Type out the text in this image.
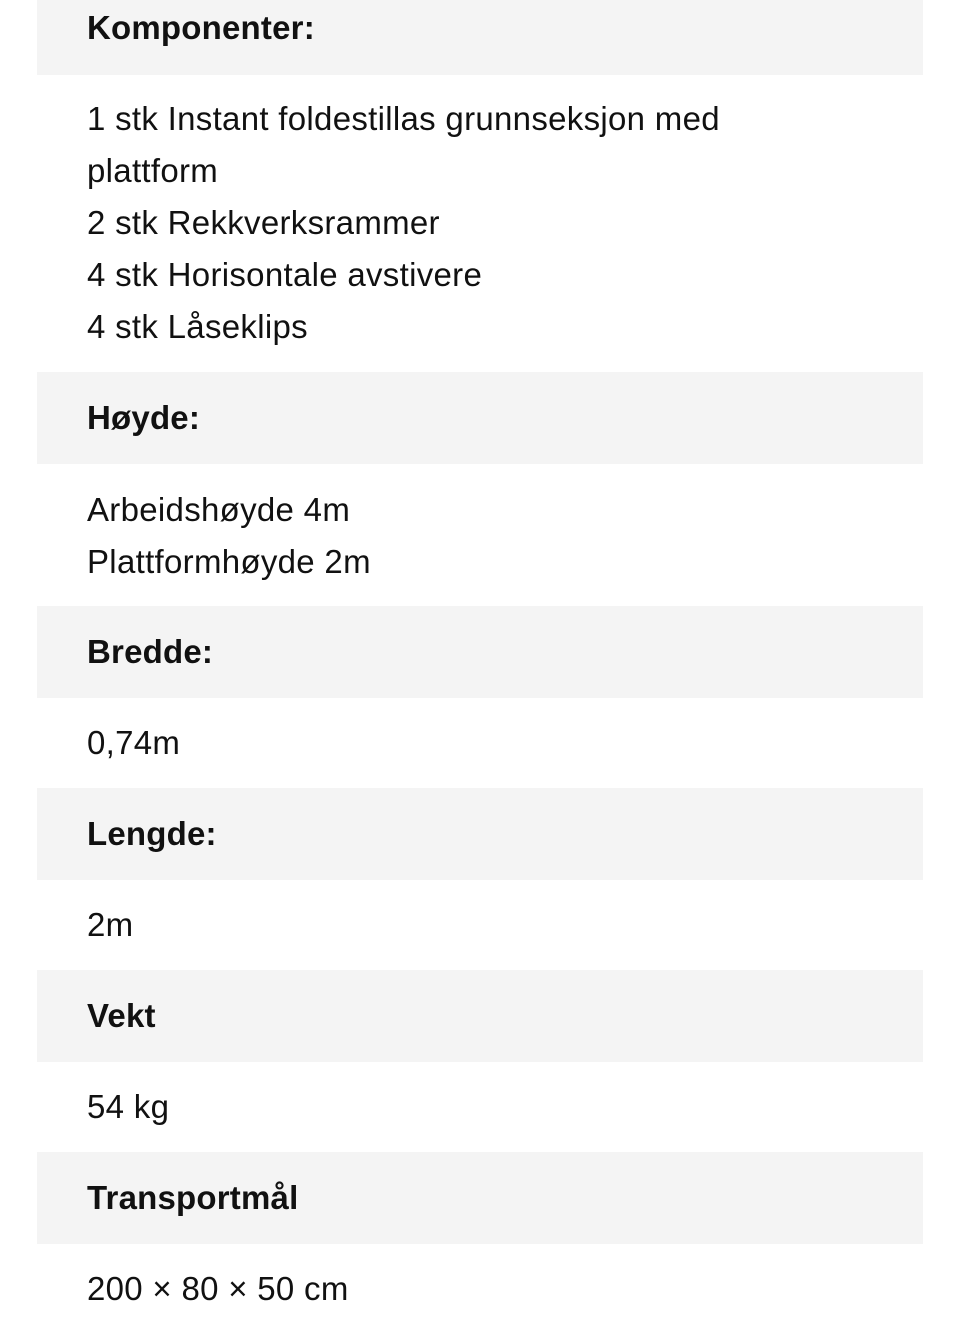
Komponenter:
1 stk Instant foldestillas grunnseksjon med
plattform
2 stk Rekkverksrammer
4 stk Horisontale avstivere
4 stk Låseklips
Høyde:
Arbeidshøyde 4m
Plattformhøyde 2m
Bredde:
0,74m
Lengde:
2m
Vekt
54 kg
Transportmål
200 × 80 × 50 cm
